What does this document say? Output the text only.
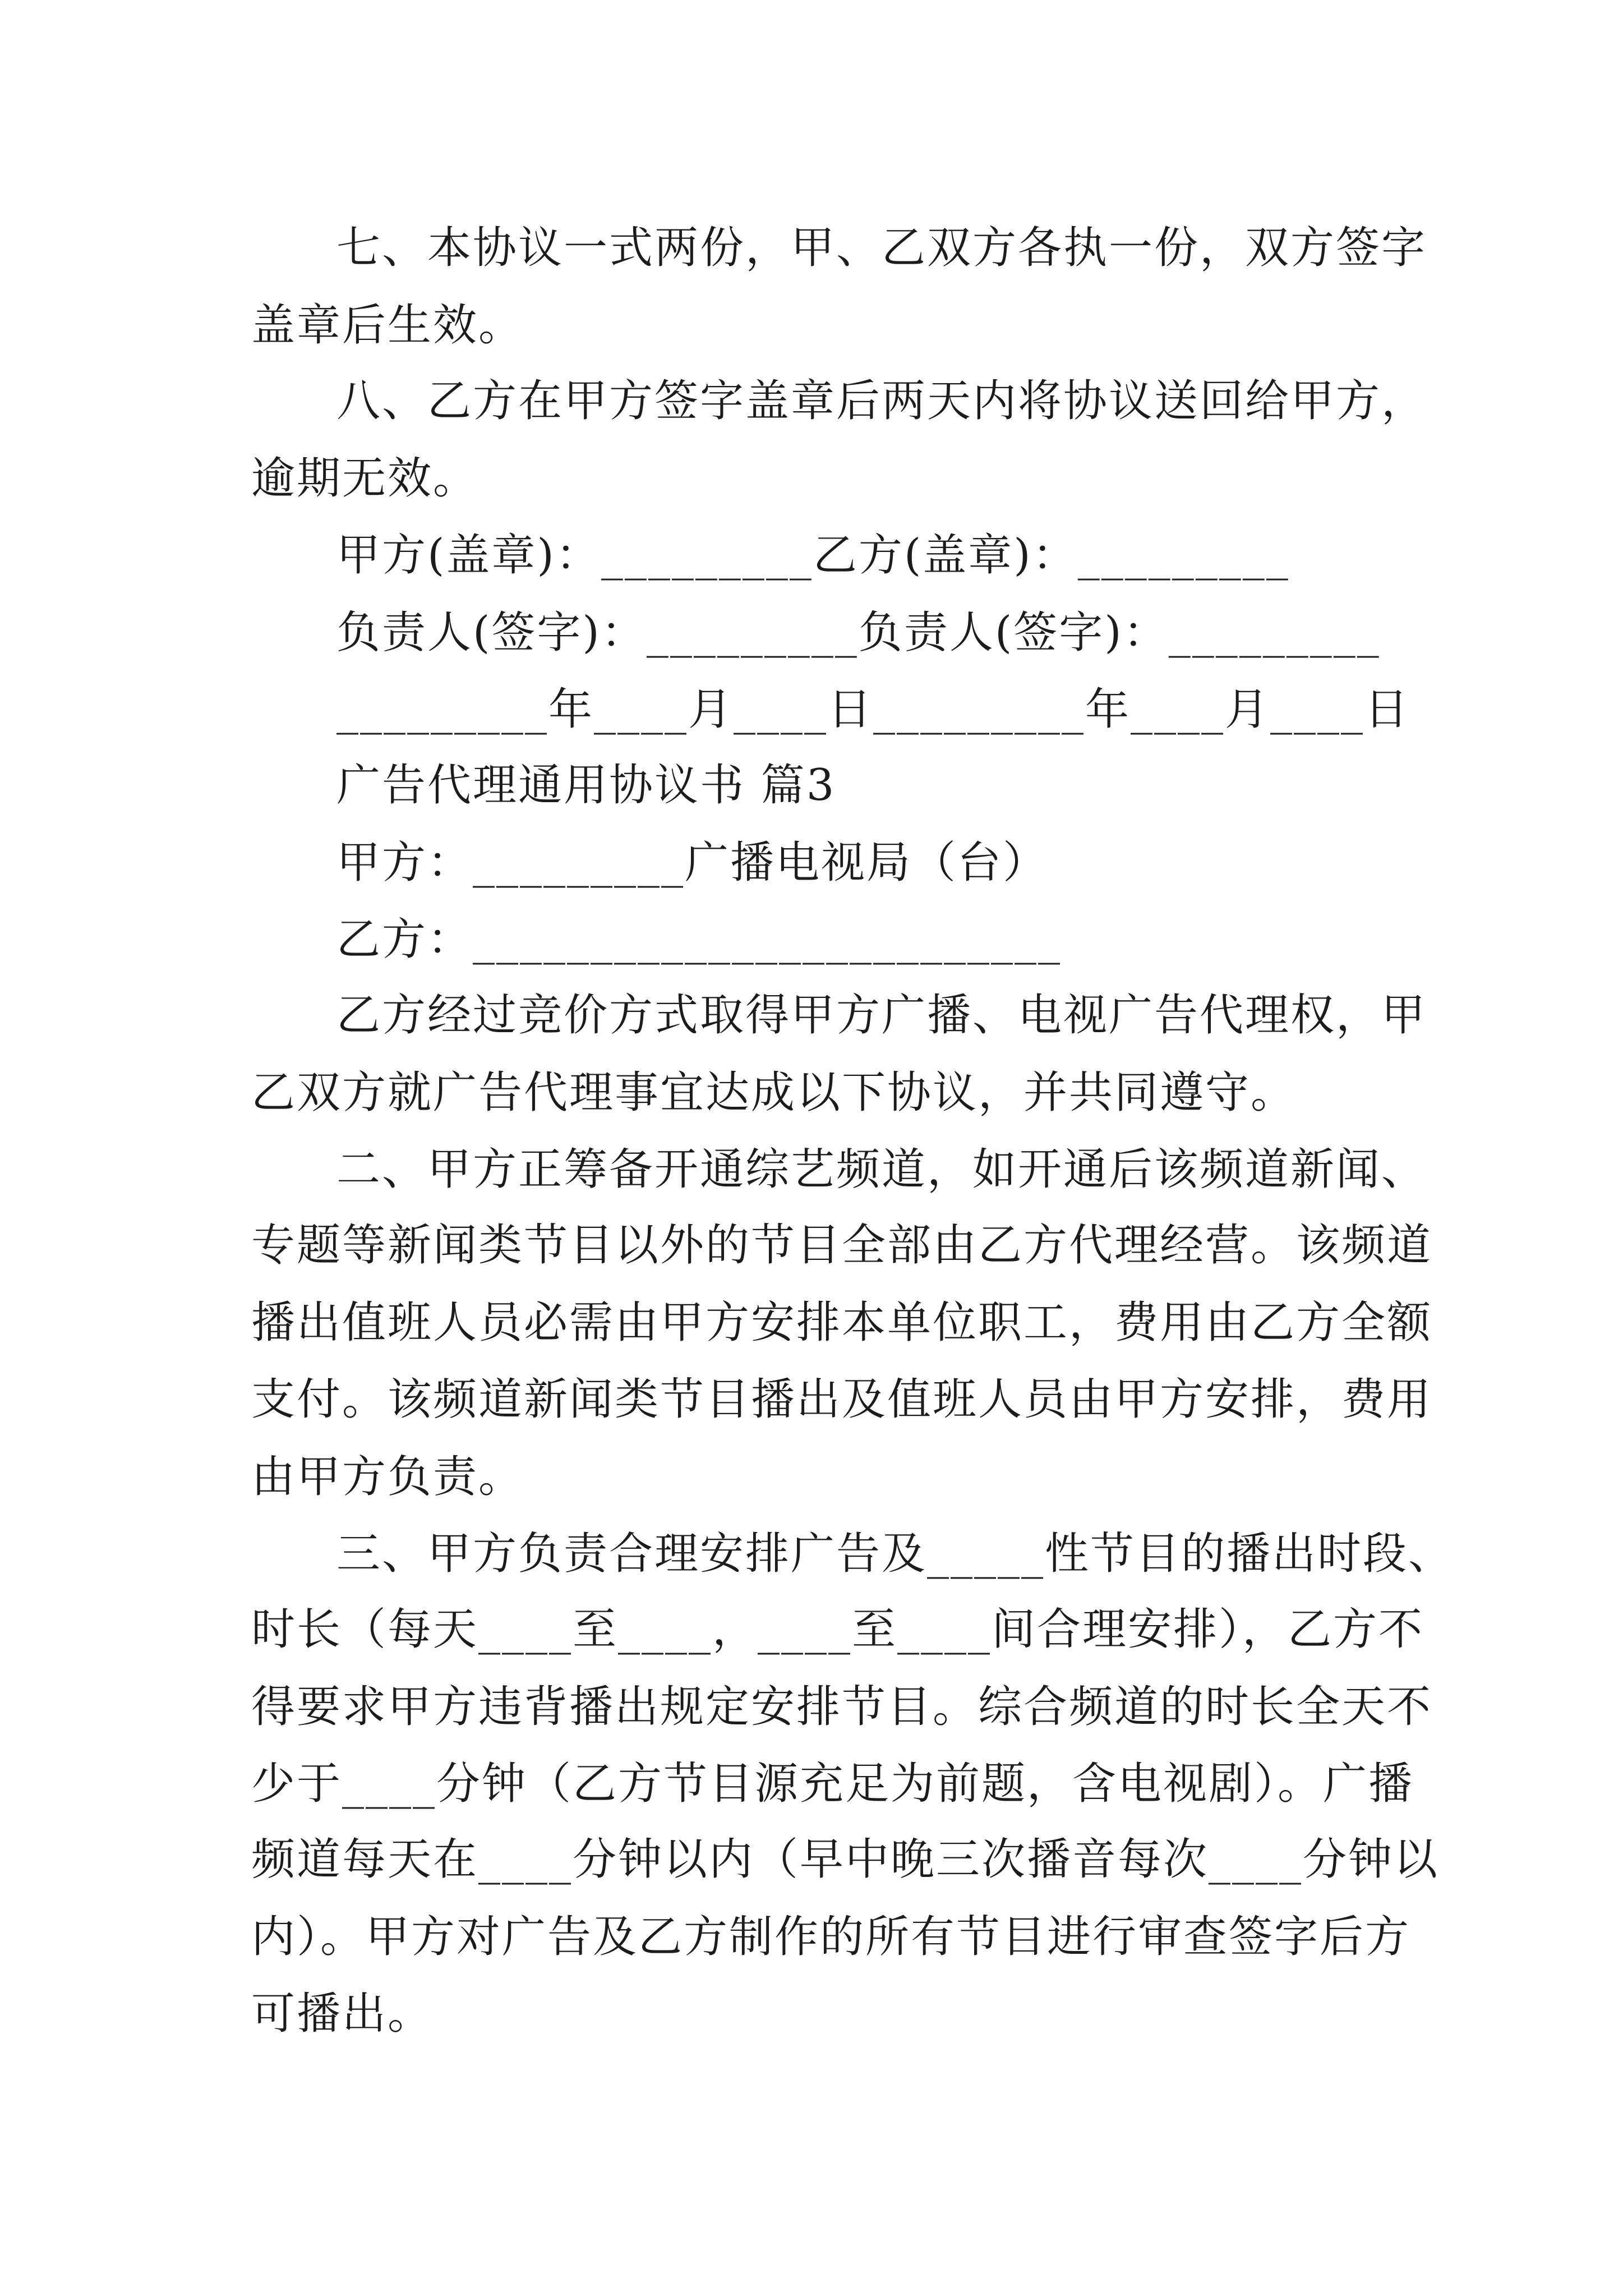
七、本协议一式两份，甲、乙双方各执一份，双方签字
盖章后生效。
八、乙方在甲方签字盖章后两天内将协议送回给甲方，
逾期无效。
甲方(盖章)：_________乙方(盖章)：_________
负责人(签字)：_________负责人(签字)：_________
_________年____月____日_________年____月____日
广告代理通用协议书 篇3
甲方：_________广播电视局（台）
乙方：_________________________
乙方经过竞价方式取得甲方广播、电视广告代理权，甲
乙双方就广告代理事宜达成以下协议，并共同遵守。
二、甲方正筹备开通综艺频道，如开通后该频道新闻、
专题等新闻类节目以外的节目全部由乙方代理经营。该频道
播出值班人员必需由甲方安排本单位职工，费用由乙方全额
支付。该频道新闻类节目播出及值班人员由甲方安排，费用
由甲方负责。
三、甲方负责合理安排广告及_____性节目的播出时段、
时长（每天____至____，____至____间合理安排），乙方不
得要求甲方违背播出规定安排节目。综合频道的时长全天不
少于____分钟（乙方节目源充足为前题，含电视剧）。广播
频道每天在____分钟以内（早中晚三次播音每次____分钟以
内）。甲方对广告及乙方制作的所有节目进行审查签字后方
可播出。
